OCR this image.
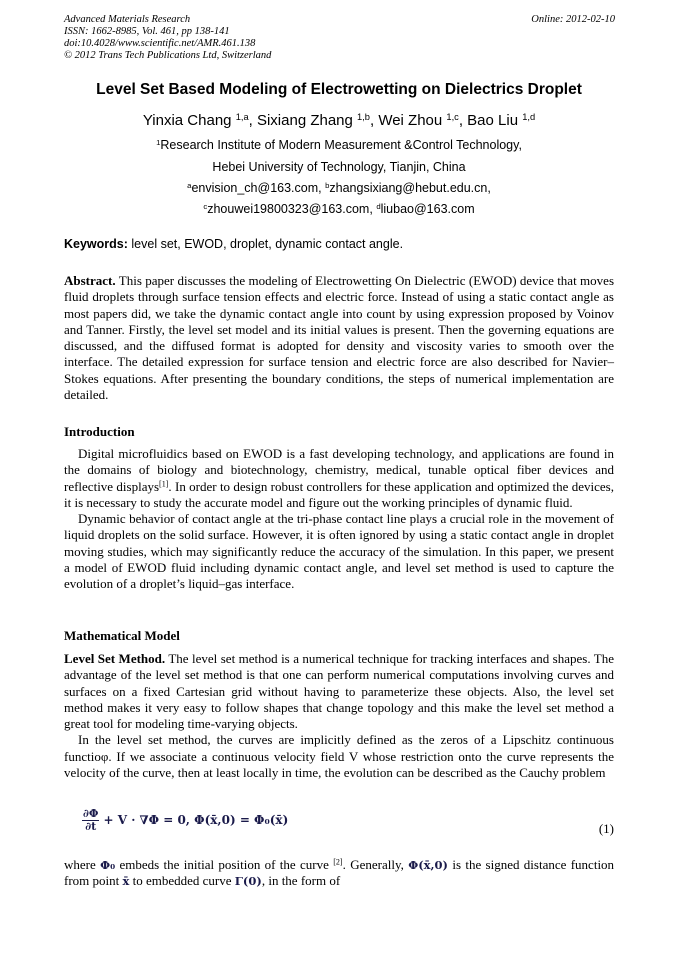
Advanced Materials Research
ISSN: 1662-8985, Vol. 461, pp 138-141
doi:10.4028/www.scientific.net/AMR.461.138
© 2012 Trans Tech Publications Ltd, Switzerland
Online: 2012-02-10
Level Set Based Modeling of Electrowetting on Dielectrics Droplet
Yinxia Chang $^{1,a}$, Sixiang Zhang $^{1,b}$, Wei Zhou $^{1,c}$, Bao Liu $^{1,d}$
$^1$Research Institute of Modern Measurement &Control Technology,
Hebei University of Technology, Tianjin, China
$^a$envision_ch@163.com, $^b$zhangsixiang@hebut.edu.cn,
$^c$zhouwei19800323@163.com, $^d$liubao@163.com
Keywords: level set, EWOD, droplet, dynamic contact angle.

Abstract. This paper discusses the modeling of Electrowetting On Dielectric (EWOD) device that moves fluid droplets through surface tension effects and electric force. Instead of using a static contact angle as most papers did, we take the dynamic contact angle into count by using expression proposed by Voinov and Tanner. Firstly, the level set model and its initial values is present. Then the governing equations are discussed, and the diffused format is adopted for density and viscosity varies to smooth over the interface. The detailed expression for surface tension and electric force are also described for Navier–Stokes equations. After presenting the boundary conditions, the steps of numerical implementation are detailed.

Introduction

Digital microfluidics based on EWOD is a fast developing technology, and applications are found in the domains of biology and biotechnology, chemistry, medical, tunable optical fiber devices and reflective displays[1]. In order to design robust controllers for these application and optimized the devices, it is necessary to study the accurate model and figure out the working principles of dynamic fluid.

Dynamic behavior of contact angle at the tri-phase contact line plays a crucial role in the movement of liquid droplets on the solid surface. However, it is often ignored by using a static contact angle in droplet moving studies, which may significantly reduce the accuracy of the simulation. In this paper, we present a model of EWOD fluid including dynamic contact angle, and level set method is used to capture the evolution of a droplet’s liquid–gas interface.

Mathematical Model

Level Set Method. The level set method is a numerical technique for tracking interfaces and shapes. The advantage of the level set method is that one can perform numerical computations involving curves and surfaces on a fixed Cartesian grid without having to parameterize these objects. Also, the level set method makes it very easy to follow shapes that change topology and this make the level set method a great tool for modeling time-varying objects.

In the level set method, the curves are implicitly defined as the zeros of a Lipschitz continuous functioφ. If we associate a continuous velocity field V whose restriction onto the curve represents the velocity of the curve, then at least locally in time, the evolution can be described as the Cauchy problem

$\frac{\partial\Phi}{\partial t} + V \cdot \nabla\Phi = 0$, Φ(x̄,0) = Φ₀(x̄)
(1)

where Φ₀ embeds the initial position of the curve [2]. Generally, Φ(x̄,0) is the signed distance function from point x̄ to embedded curve Γ(0), in the form of
